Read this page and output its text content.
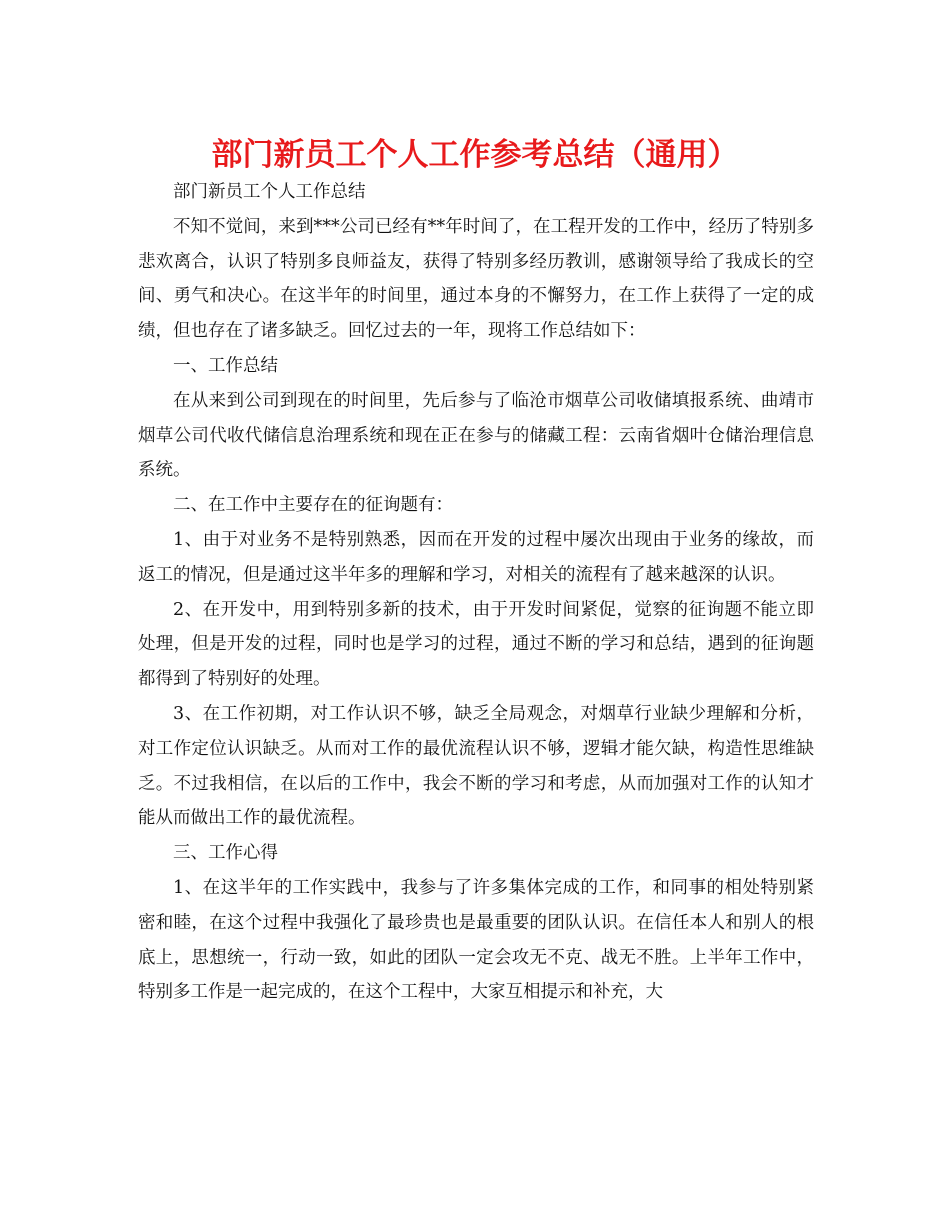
部门新员工个人工作参考总结（通用）

部门新员工个人工作总结

不知不觉间，来到***公司已经有**年时间了，在工程开发的工作中，经历了特别多悲欢离合，认识了特别多良师益友，获得了特别多经历教训，感谢领导给了我成长的空间、勇气和决心。在这半年的时间里，通过本身的不懈努力，在工作上获得了一定的成绩，但也存在了诸多缺乏。回忆过去的一年，现将工作总结如下：

一、工作总结

在从来到公司到现在的时间里，先后参与了临沧市烟草公司收储填报系统、曲靖市烟草公司代收代储信息治理系统和现在正在参与的储藏工程：云南省烟叶仓储治理信息系统。

二、在工作中主要存在的征询题有：

1、由于对业务不是特别熟悉，因而在开发的过程中屡次出现由于业务的缘故，而返工的情况，但是通过这半年多的理解和学习，对相关的流程有了越来越深的认识。

2、在开发中，用到特别多新的技术，由于开发时间紧促，觉察的征询题不能立即处理，但是开发的过程，同时也是学习的过程，通过不断的学习和总结，遇到的征询题都得到了特别好的处理。

3、在工作初期，对工作认识不够，缺乏全局观念，对烟草行业缺少理解和分析，对工作定位认识缺乏。从而对工作的最优流程认识不够，逻辑才能欠缺，构造性思维缺乏。不过我相信，在以后的工作中，我会不断的学习和考虑，从而加强对工作的认知才能从而做出工作的最优流程。

三、工作心得

1、在这半年的工作实践中，我参与了许多集体完成的工作，和同事的相处特别紧密和睦，在这个过程中我强化了最珍贵也是最重要的团队认识。在信任本人和别人的根底上，思想统一，行动一致，如此的团队一定会攻无不克、战无不胜。上半年工作中，特别多工作是一起完成的，在这个工程中，大家互相提示和补充，大
